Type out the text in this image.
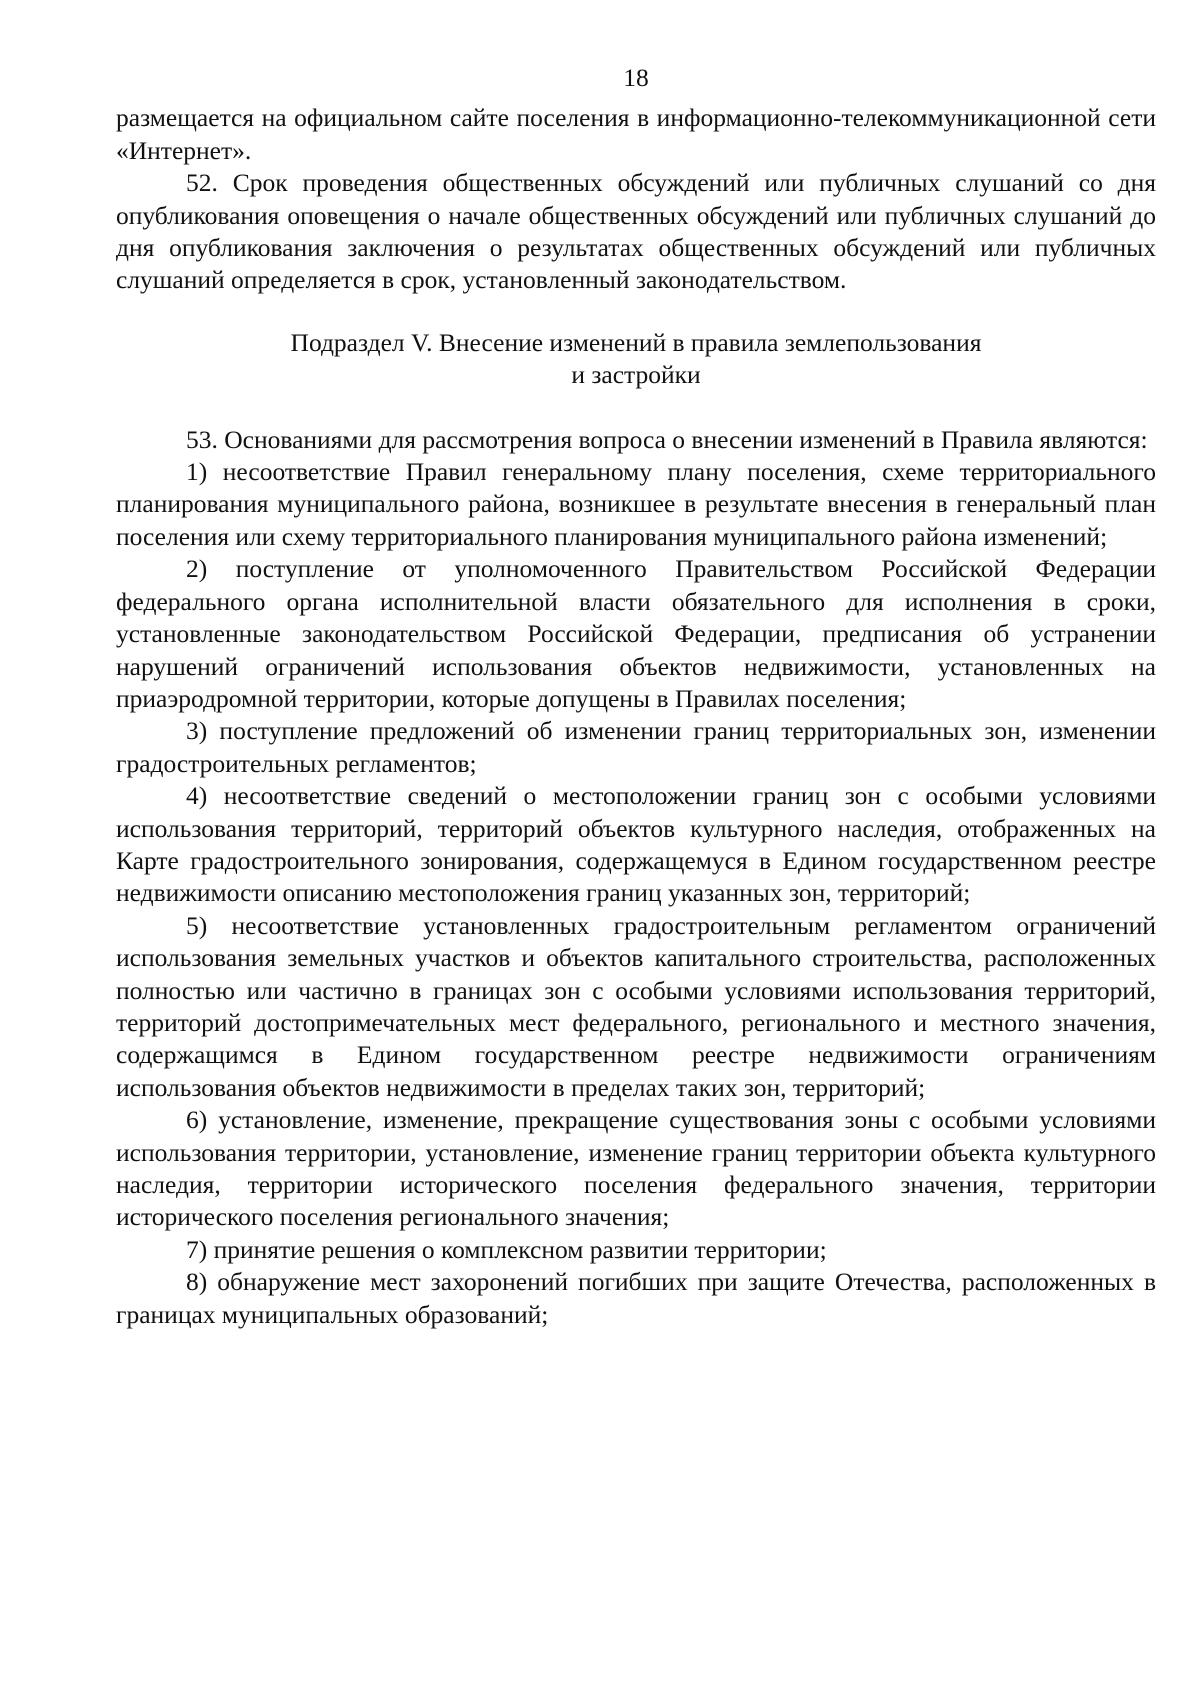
18

размещается на официальном сайте поселения в информационно-телекоммуникационной сети «Интернет».

52. Срок проведения общественных обсуждений или публичных слушаний со дня опубликования оповещения о начале общественных обсуждений или публичных слушаний до дня опубликования заключения о результатах общественных обсуждений или публичных слушаний определяется в срок, установленный законодательством.

Подраздел V. Внесение изменений в правила землепользования
и застройки

53. Основаниями для рассмотрения вопроса о внесении изменений в Правила являются:

1) несоответствие Правил генеральному плану поселения, схеме территориального планирования муниципального района, возникшее в результате внесения в генеральный план поселения или схему территориального планирования муниципального района изменений;

2) поступление от уполномоченного Правительством Российской Федерации федерального органа исполнительной власти обязательного для исполнения в сроки, установленные законодательством Российской Федерации, предписания об устранении нарушений ограничений использования объектов недвижимости, установленных на приаэродромной территории, которые допущены в Правилах поселения;

3) поступление предложений об изменении границ территориальных зон, изменении градостроительных регламентов;

4) несоответствие сведений о местоположении границ зон с особыми условиями использования территорий, территорий объектов культурного наследия, отображенных на Карте градостроительного зонирования, содержащемуся в Едином государственном реестре недвижимости описанию местоположения границ указанных зон, территорий;

5) несоответствие установленных градостроительным регламентом ограничений использования земельных участков и объектов капитального строительства, расположенных полностью или частично в границах зон с особыми условиями использования территорий, территорий достопримечательных мест федерального, регионального и местного значения, содержащимся в Едином государственном реестре недвижимости ограничениям использования объектов недвижимости в пределах таких зон, территорий;

6) установление, изменение, прекращение существования зоны с особыми условиями использования территории, установление, изменение границ территории объекта культурного наследия, территории исторического поселения федерального значения, территории исторического поселения регионального значения;

7) принятие решения о комплексном развитии территории;

8) обнаружение мест захоронений погибших при защите Отечества, расположенных в границах муниципальных образований;
